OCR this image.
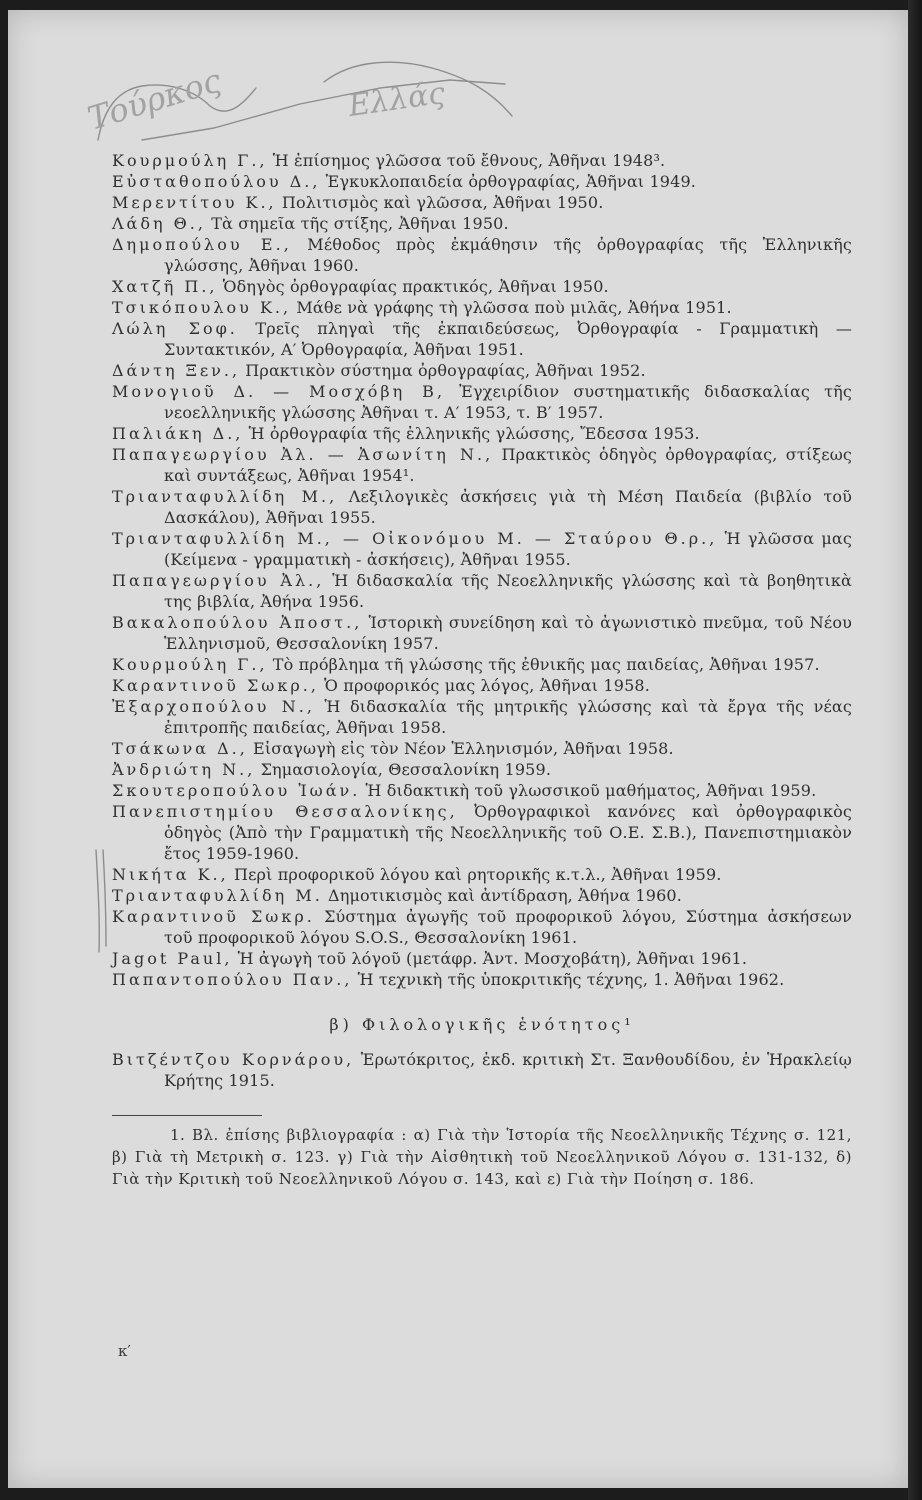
Τούρκος	Ελλάς

Κουρμούλη Γ., Ἡ ἐπίσημος γλῶσσα τοῦ ἔθνους, Ἀθῆναι 1948³.

Εὐσταθοπούλου Δ., Ἐγκυκλοπαιδεία ὀρθογραφίας, Ἀθῆναι 1949.

Μερεντίτου Κ., Πολιτισμὸς καὶ γλῶσσα, Ἀθῆναι 1950.

Λάδη Θ., Τὰ σημεῖα τῆς στίξης, Ἀθῆναι 1950.

Δημοπούλου Ε., Μέθοδος πρὸς ἐκμάθησιν τῆς ὀρθογραφίας τῆς Ἑλληνικῆς γλώσσης, Ἀθῆναι 1960.

Χατζῆ Π., Ὁδηγὸς ὀρθογραφίας πρακτικός, Ἀθῆναι 1950.

Τσικόπουλου Κ., Μάθε νὰ γράφης τὴ γλῶσσα ποὺ μιλᾶς, Ἀθήνα 1951.

Λώλη Σοφ. Τρεῖς πληγαὶ τῆς ἐκπαιδεύσεως, Ὀρθογραφία - Γραμματικὴ — Συντακτικόν, Α′ Ὀρθογραφία, Ἀθῆναι 1951.

Δάντη Ξεν., Πρακτικὸν σύστημα ὀρθογραφίας, Ἀθῆναι 1952.

Μονογιοῦ Δ. — Μοσχόβη Β, Ἐγχειρίδιον συστηματικῆς διδασκαλίας τῆς νεοελληνικῆς γλώσσης Ἀθῆναι τ. Α′ 1953, τ. Β′ 1957.

Παλιάκη Δ., Ἡ ὀρθογραφία τῆς ἑλληνικῆς γλώσσης, Ἔδεσσα 1953.

Παπαγεωργίου Ἀλ. — Ἀσωνίτη Ν., Πρακτικὸς ὁδηγὸς ὀρθογραφίας, στίξεως καὶ συντάξεως, Ἀθῆναι 1954¹.

Τριανταφυλλίδη Μ., Λεξιλογικὲς ἀσκήσεις γιὰ τὴ Μέση Παιδεία (βιβλίο τοῦ Δασκάλου), Ἀθῆναι 1955.

Τριανταφυλλίδη Μ., — Οἰκονόμου Μ. — Σταύρου Θ.ρ., Ἡ γλῶσσα μας (Κείμενα - γραμματικὴ - ἀσκήσεις), Ἀθῆναι 1955.

Παπαγεωργίου Ἀλ., Ἡ διδασκαλία τῆς Νεοελληνικῆς γλώσσης καὶ τὰ βοηθητικὰ της βιβλία, Ἀθήνα 1956.

Βακαλοπούλου Ἀποστ., Ἱστορικὴ συνείδηση καὶ τὸ ἀγωνιστικὸ πνεῦμα, τοῦ Νέου Ἑλληνισμοῦ, Θεσσαλονίκη 1957.

Κουρμούλη Γ., Τὸ πρόβλημα τῆ γλώσσης τῆς ἐθνικῆς μας παιδείας, Ἀθῆναι 1957.

Καραντινοῦ Σωκρ., Ὁ προφορικός μας λόγος, Ἀθῆναι 1958.

Ἐξαρχοπούλου Ν., Ἡ διδασκαλία τῆς μητρικῆς γλώσσης καὶ τὰ ἔργα τῆς νέας ἐπιτροπῆς παιδείας, Ἀθῆναι 1958.

Τσάκωνα Δ., Εἰσαγωγὴ εἰς τὸν Νέον Ἑλληνισμόν, Ἀθῆναι 1958.

Ἀνδριώτη Ν., Σημασιολογία, Θεσσαλονίκη 1959.

Σκουτεροπούλου Ἰωάν. Ἡ διδακτικὴ τοῦ γλωσσικοῦ μαθήματος, Ἀθῆναι 1959.

Πανεπιστημίου Θεσσαλονίκης, Ὀρθογραφικοὶ κανόνες καὶ ὀρθογραφικὸς ὁδηγὸς (Ἀπὸ τὴν Γραμματικὴ τῆς Νεοελληνικῆς τοῦ Ο.Ε. Σ.Β.), Πανεπιστημιακὸν ἔτος 1959-1960.

Νικήτα Κ., Περὶ προφορικοῦ λόγου καὶ ρητορικῆς κ.τ.λ., Ἀθῆναι 1959.

Τριανταφυλλίδη Μ. Δημοτικισμὸς καὶ ἀντίδραση, Ἀθήνα 1960.

Καραντινοῦ Σωκρ. Σύστημα ἀγωγῆς τοῦ προφορικοῦ λόγου, Σύστημα ἀσκήσεων τοῦ προφορικοῦ λόγου S.O.S., Θεσσαλονίκη 1961.

Jagot Paul, Ἡ ἀγωγὴ τοῦ λόγοῦ (μετάφρ. Ἀντ. Μοσχοβάτη), Ἀθῆναι 1961.

Παπαντοπούλου Παν., Ἡ τεχνικὴ τῆς ὑποκριτικῆς τέχνης, 1. Ἀθῆναι 1962.

β) Φιλολογικῆς ἑνότητος¹

Βιτζέντζου Κορνάρου, Ἐρωτόκριτος, ἐκδ. κριτικὴ Στ. Ξανθουδίδου, ἐν Ἡρακλείῳ Κρήτης 1915.

1. Βλ. ἐπίσης βιβλιογραφία : α) Γιὰ τὴν Ἱστορία τῆς Νεοελληνικῆς Τέχνης σ. 121, β) Γιὰ τὴ Μετρικὴ σ. 123. γ) Γιὰ τὴν Αἰσθητικὴ τοῦ Νεοελληνικοῦ Λόγου σ. 131-132, δ) Γιὰ τὴν Κριτικὴ τοῦ Νεοελληνικοῦ Λόγου σ. 143, καὶ ε) Γιὰ τὴν Ποίηση σ. 186.
κ′
